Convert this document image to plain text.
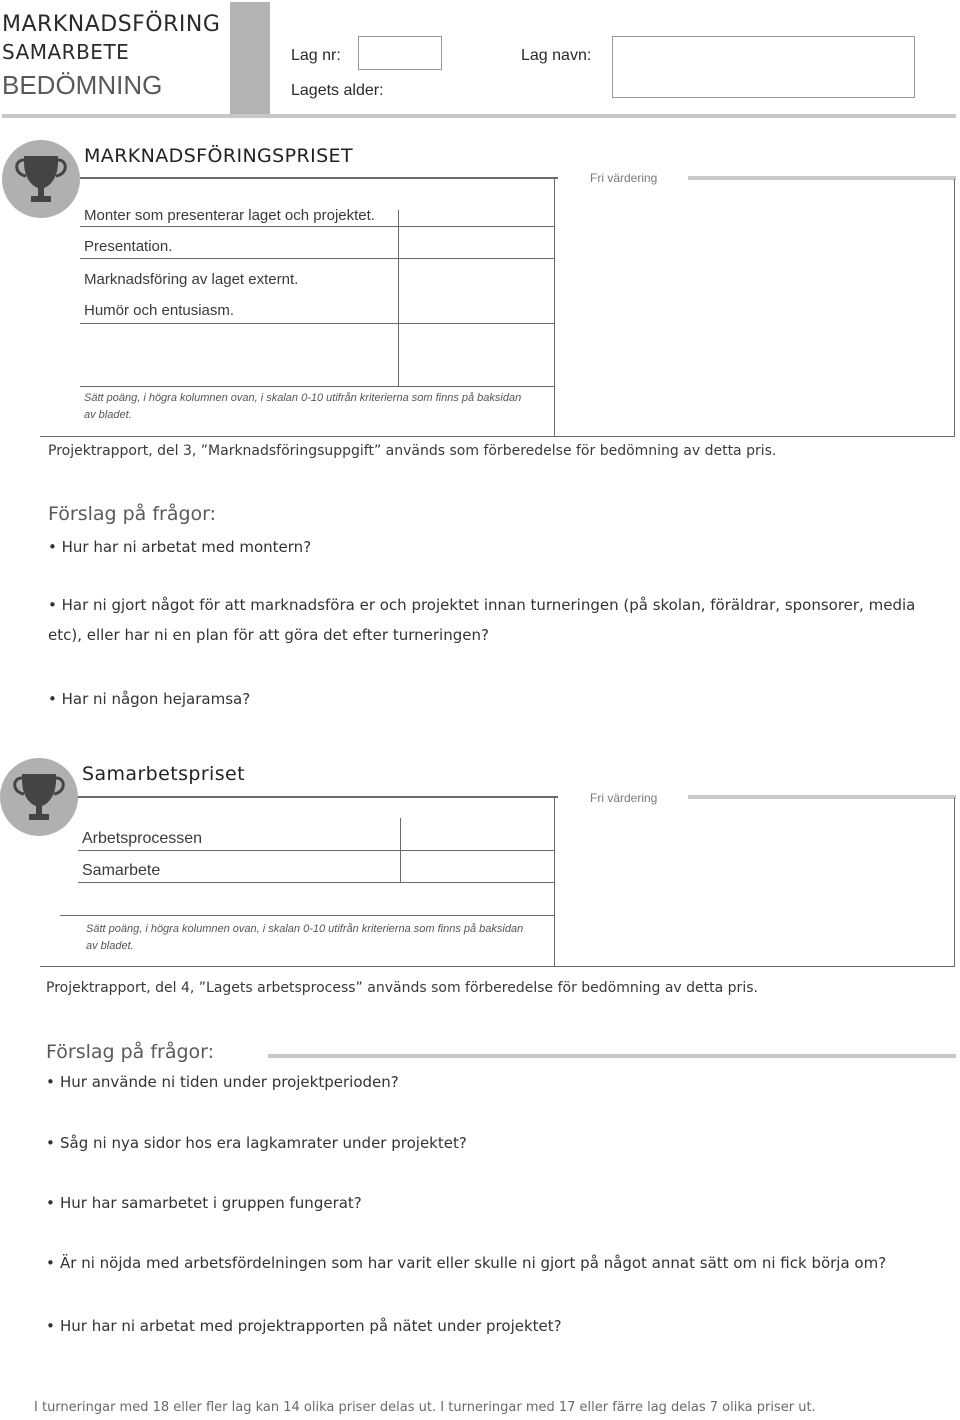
MARKNADSFÖRING
SAMARBETE
BEDÖMNING
Lag nr:	Lag navn:
Lagets alder:
MARKNADSFÖRINGSPRISET
Fri värdering
Monter som presenterar laget och projektet.
Presentation.
Marknadsföring av laget externt.
Humör och entusiasm.
Sätt poäng, i högra kolumnen ovan, i skalan 0-10 utifrån kriterierna som finns på baksidan av bladet.
Projektrapport, del 3, ”Marknadsföringsuppgift” används som förberedelse för bedömning av detta pris.
Förslag på frågor:
• Hur har ni arbetat med montern?
• Har ni gjort något för att marknadsföra er och projektet innan turneringen (på skolan, föräldrar, sponsorer, media etc), eller har ni en plan för att göra det efter turneringen?
• Har ni någon hejaramsa?
Samarbetspriset
Fri värdering
Arbetsprocessen
Samarbete
Sätt poäng, i högra kolumnen ovan, i skalan 0-10 utifrån kriterierna som finns på baksidan av bladet.
Projektrapport, del 4, ”Lagets arbetsprocess” används som förberedelse för bedömning av detta pris.
Förslag på frågor:
• Hur använde ni tiden under projektperioden?
• Såg ni nya sidor hos era lagkamrater under projektet?
• Hur har samarbetet i gruppen fungerat?
• Är ni nöjda med arbetsfördelningen som har varit eller skulle ni gjort på något annat sätt om ni fick börja om?
• Hur har ni arbetat med projektrapporten på nätet under projektet?
I turneringar med 18 eller fler lag kan 14 olika priser delas ut. I turneringar med 17 eller färre lag delas 7 olika priser ut.
